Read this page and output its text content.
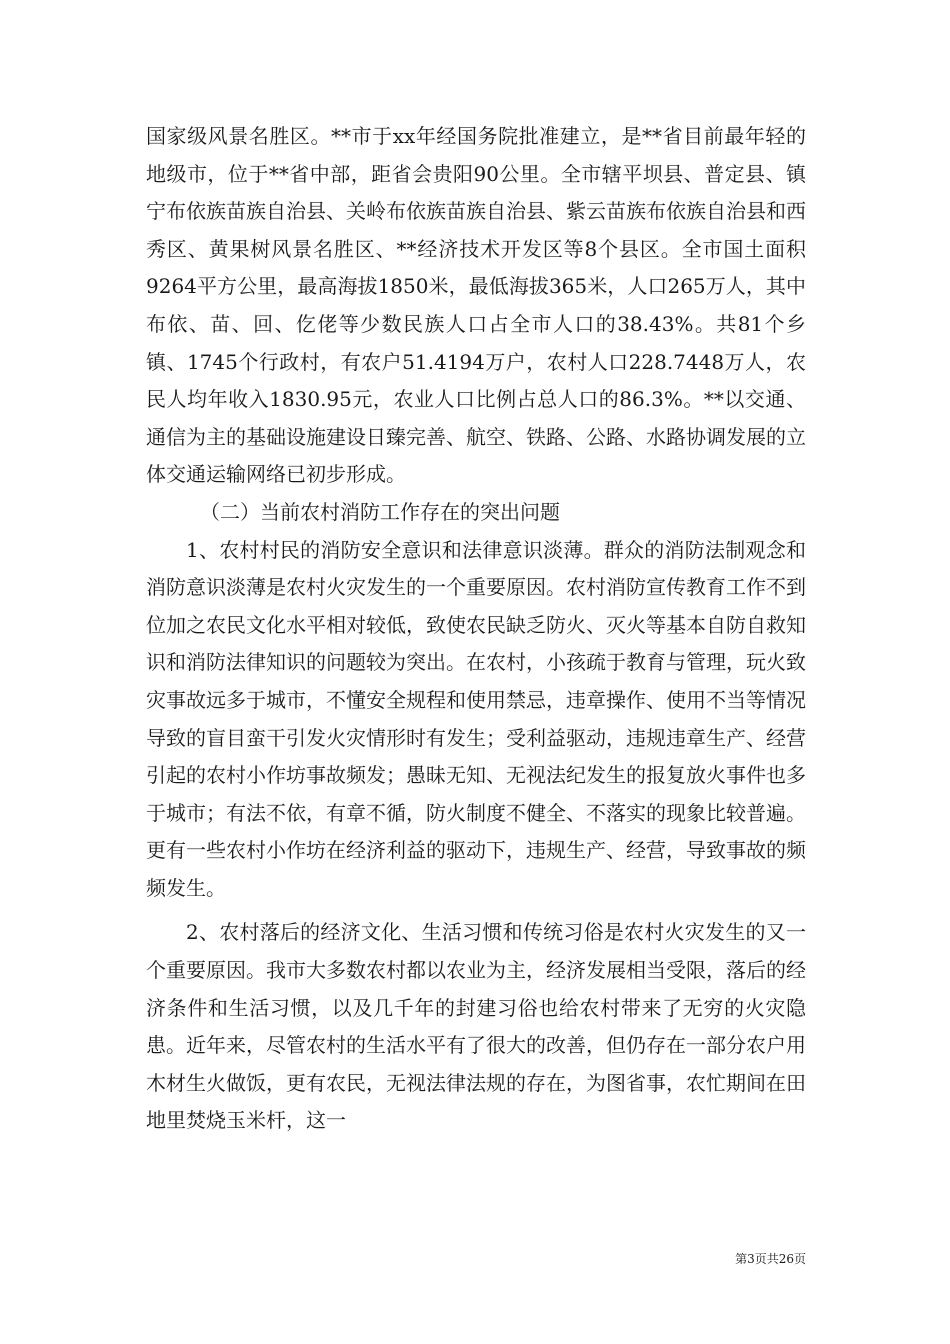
国家级风景名胜区。**市于xx年经国务院批准建立，是**省目前最年轻的地级市，位于**省中部，距省会贵阳90公里。全市辖平坝县、普定县、镇宁布依族苗族自治县、关岭布依族苗族自治县、紫云苗族布依族自治县和西秀区、黄果树风景名胜区、**经济技术开发区等8个县区。全市国土面积9264平方公里，最高海拔1850米，最低海拔365米，人口265万人，其中布依、苗、回、仡佬等少数民族人口占全市人口的38.43%。共81个乡镇、1745个行政村，有农户51.4194万户，农村人口228.7448万人，农民人均年收入1830.95元，农业人口比例占总人口的86.3%。**以交通、通信为主的基础设施建设日臻完善、航空、铁路、公路、水路协调发展的立体交通运输网络已初步形成。

（二）当前农村消防工作存在的突出问题

1、农村村民的消防安全意识和法律意识淡薄。群众的消防法制观念和消防意识淡薄是农村火灾发生的一个重要原因。农村消防宣传教育工作不到位加之农民文化水平相对较低，致使农民缺乏防火、灭火等基本自防自救知识和消防法律知识的问题较为突出。在农村，小孩疏于教育与管理，玩火致灾事故远多于城市，不懂安全规程和使用禁忌，违章操作、使用不当等情况导致的盲目蛮干引发火灾情形时有发生；受利益驱动，违规违章生产、经营引起的农村小作坊事故频发；愚昧无知、无视法纪发生的报复放火事件也多于城市；有法不依，有章不循，防火制度不健全、不落实的现象比较普遍。更有一些农村小作坊在经济利益的驱动下，违规生产、经营，导致事故的频频发生。

2、农村落后的经济文化、生活习惯和传统习俗是农村火灾发生的又一个重要原因。我市大多数农村都以农业为主，经济发展相当受限，落后的经济条件和生活习惯，以及几千年的封建习俗也给农村带来了无穷的火灾隐患。近年来，尽管农村的生活水平有了很大的改善，但仍存在一部分农户用木材生火做饭，更有农民，无视法律法规的存在，为图省事，农忙期间在田地里焚烧玉米杆，这一

第3页共26页
